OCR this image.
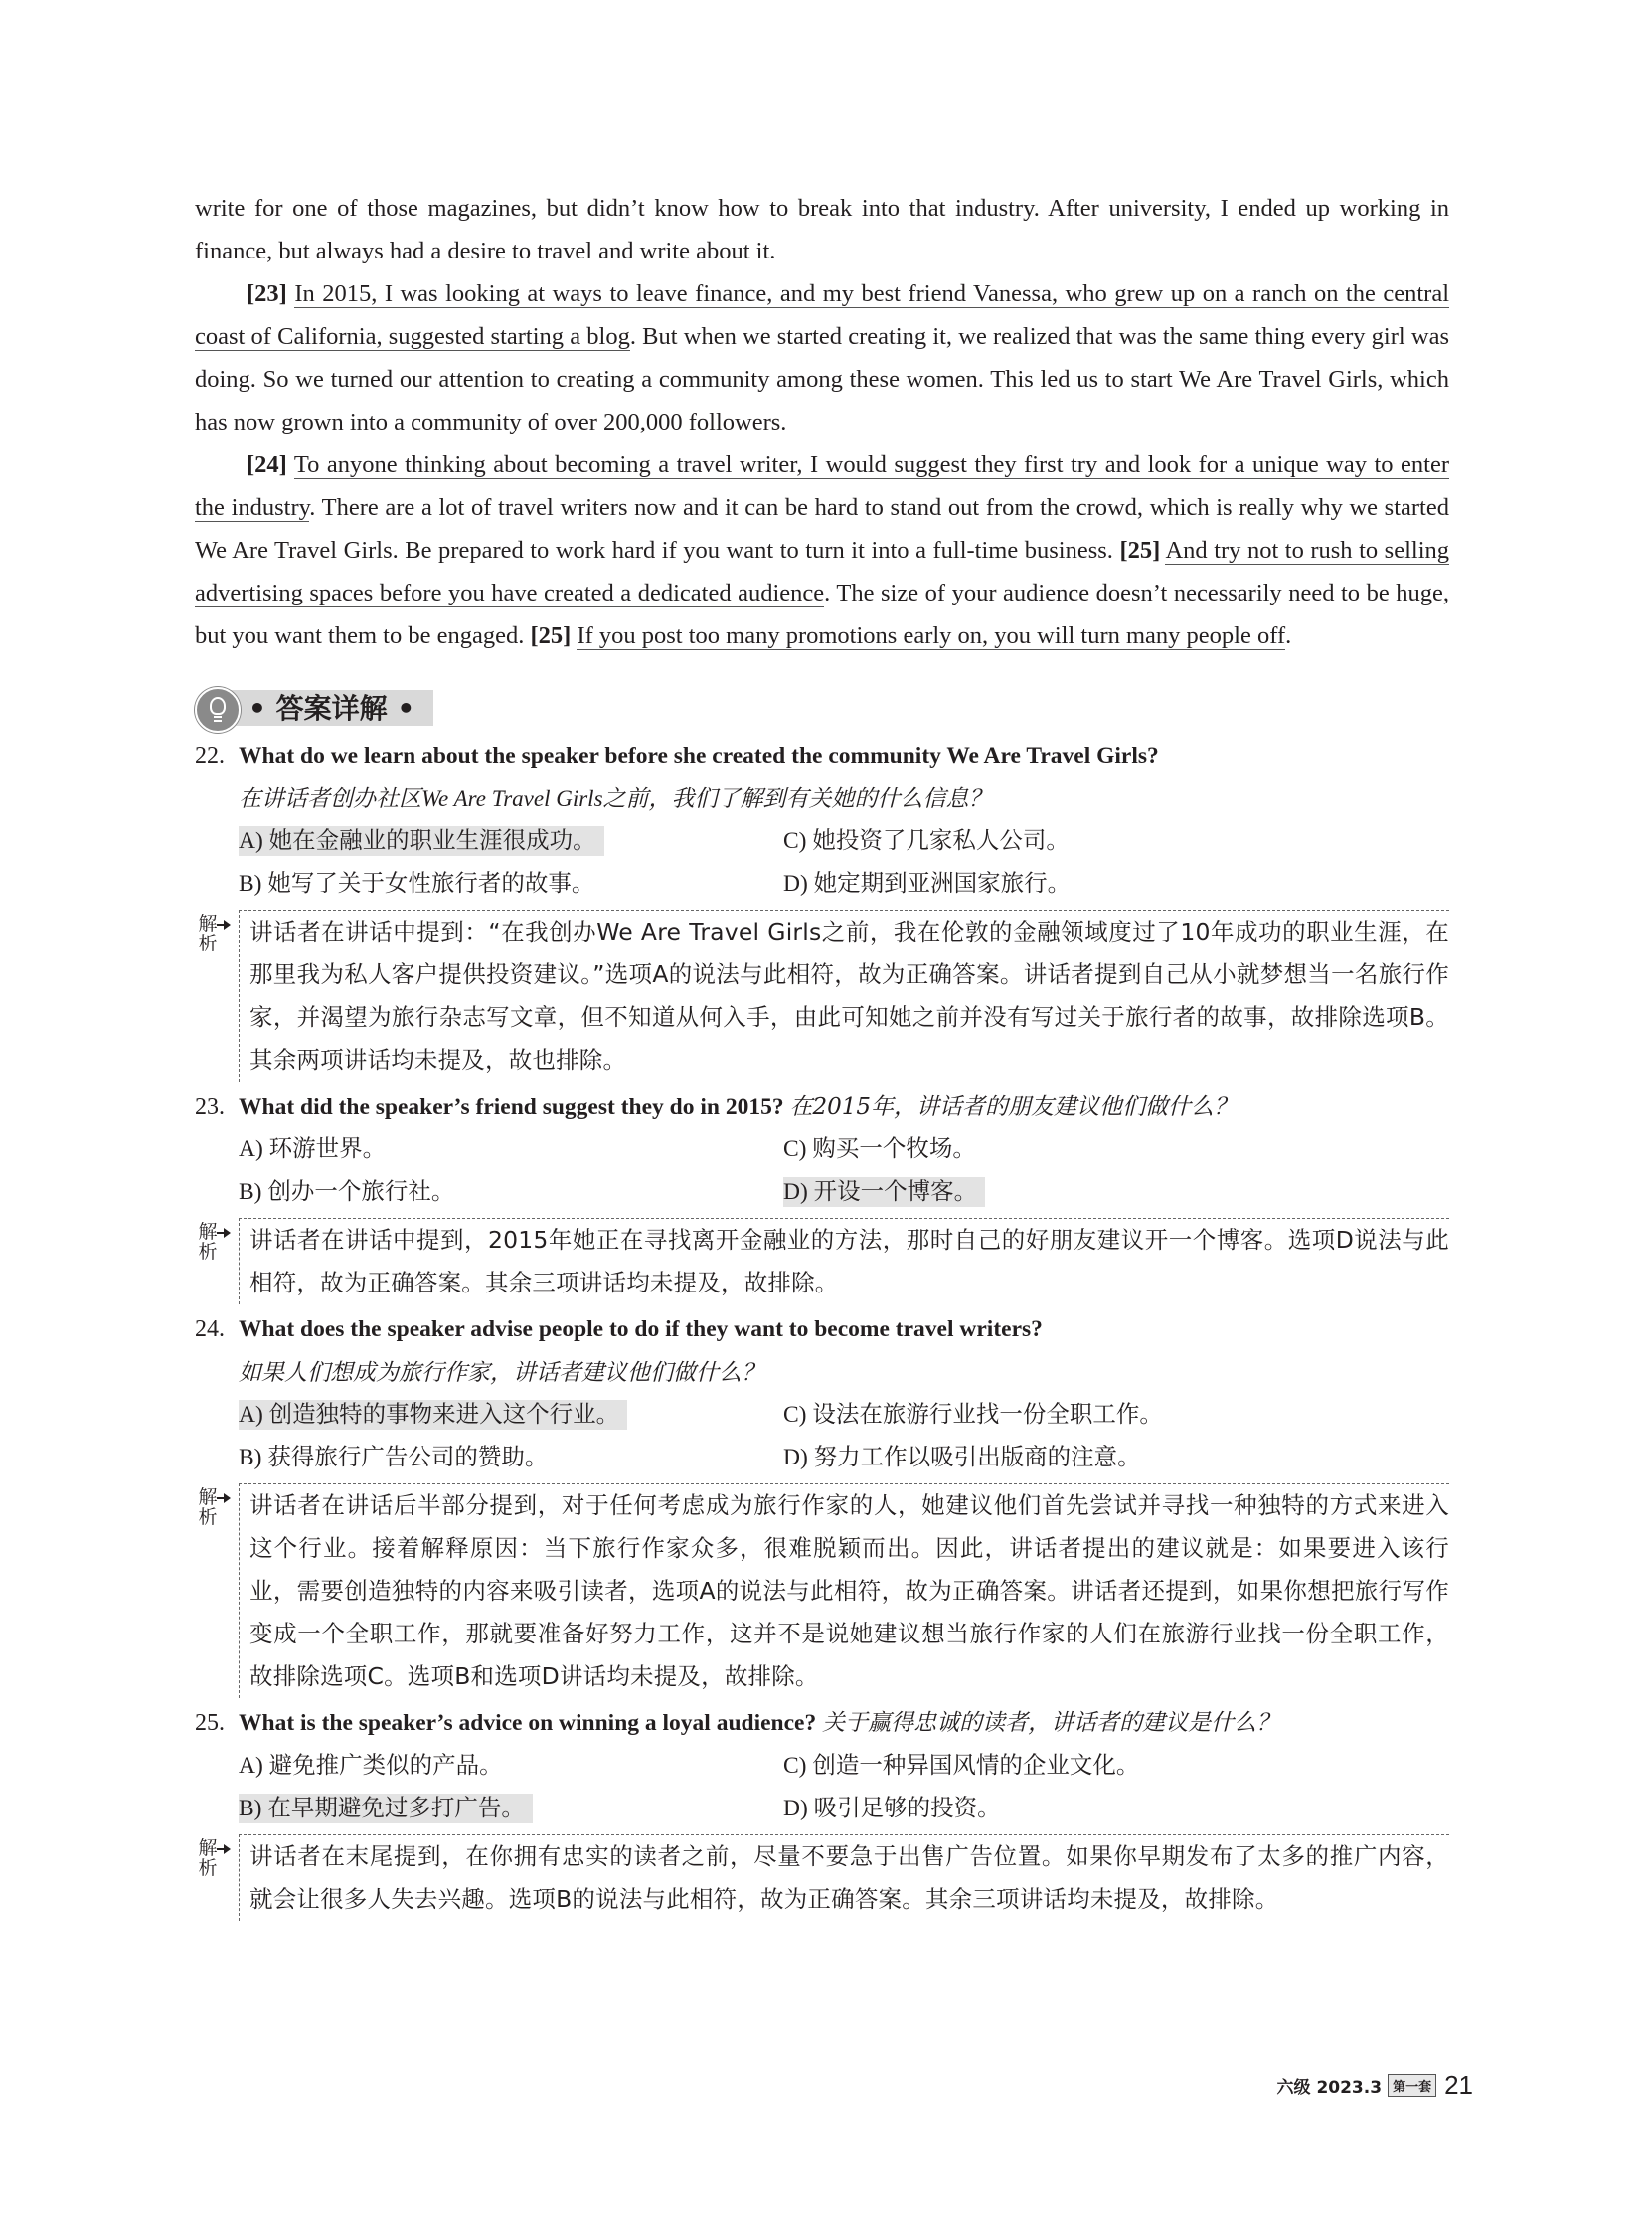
write for one of those magazines, but didn’t know how to break into that industry. After university, I ended up working in finance, but always had a desire to travel and write about it.

[23] In 2015, I was looking at ways to leave finance, and my best friend Vanessa, who grew up on a ranch on the central coast of California, suggested starting a blog. But when we started creating it, we realized that was the same thing every girl was doing. So we turned our attention to creating a community among these women. This led us to start We Are Travel Girls, which has now grown into a community of over 200,000 followers.

[24] To anyone thinking about becoming a travel writer, I would suggest they first try and look for a unique way to enter the industry. There are a lot of travel writers now and it can be hard to stand out from the crowd, which is really why we started We Are Travel Girls. Be prepared to work hard if you want to turn it into a full-time business. [25] And try not to rush to selling advertising spaces before you have created a dedicated audience. The size of your audience doesn’t necessarily need to be huge, but you want them to be engaged. [25] If you post too many promotions early on, you will turn many people off.

• 答案详解 •
22. What do we learn about the speaker before she created the community We Are Travel Girls?
在讲话者创办社区We Are Travel Girls之前，我们了解到有关她的什么信息？
A) 她在金融业的职业生涯很成功。	C) 她投资了几家私人公司。
B) 她写了关于女性旅行者的故事。	D) 她定期到亚洲国家旅行。
解析	讲话者在讲话中提到：“在我创办We Are Travel Girls之前，我在伦敦的金融领域度过了10年成功的职业生涯，在那里我为私人客户提供投资建议。”选项A的说法与此相符，故为正确答案。讲话者提到自己从小就梦想当一名旅行作家，并渴望为旅行杂志写文章，但不知道从何入手，由此可知她之前并没有写过关于旅行者的故事，故排除选项B。其余两项讲话均未提及，故也排除。
23. What did the speaker’s friend suggest they do in 2015? 在2015年，讲话者的朋友建议他们做什么？
A) 环游世界。	C) 购买一个牧场。
B) 创办一个旅行社。	D) 开设一个博客。
解析	讲话者在讲话中提到，2015年她正在寻找离开金融业的方法，那时自己的好朋友建议开一个博客。选项D说法与此相符，故为正确答案。其余三项讲话均未提及，故排除。
24. What does the speaker advise people to do if they want to become travel writers?
如果人们想成为旅行作家，讲话者建议他们做什么？
A) 创造独特的事物来进入这个行业。	C) 设法在旅游行业找一份全职工作。
B) 获得旅行广告公司的赞助。	D) 努力工作以吸引出版商的注意。
解析	讲话者在讲话后半部分提到，对于任何考虑成为旅行作家的人，她建议他们首先尝试并寻找一种独特的方式来进入这个行业。接着解释原因：当下旅行作家众多，很难脱颖而出。因此，讲话者提出的建议就是：如果要进入该行业，需要创造独特的内容来吸引读者，选项A的说法与此相符，故为正确答案。讲话者还提到，如果你想把旅行写作变成一个全职工作，那就要准备好努力工作，这并不是说她建议想当旅行作家的人们在旅游行业找一份全职工作，故排除选项C。选项B和选项D讲话均未提及，故排除。
25. What is the speaker’s advice on winning a loyal audience? 关于赢得忠诚的读者，讲话者的建议是什么？
A) 避免推广类似的产品。	C) 创造一种异国风情的企业文化。
B) 在早期避免过多打广告。	D) 吸引足够的投资。
解析	讲话者在末尾提到，在你拥有忠实的读者之前，尽量不要急于出售广告位置。如果你早期发布了太多的推广内容，就会让很多人失去兴趣。选项B的说法与此相符，故为正确答案。其余三项讲话均未提及，故排除。
六级 2023.3 第一套 21
